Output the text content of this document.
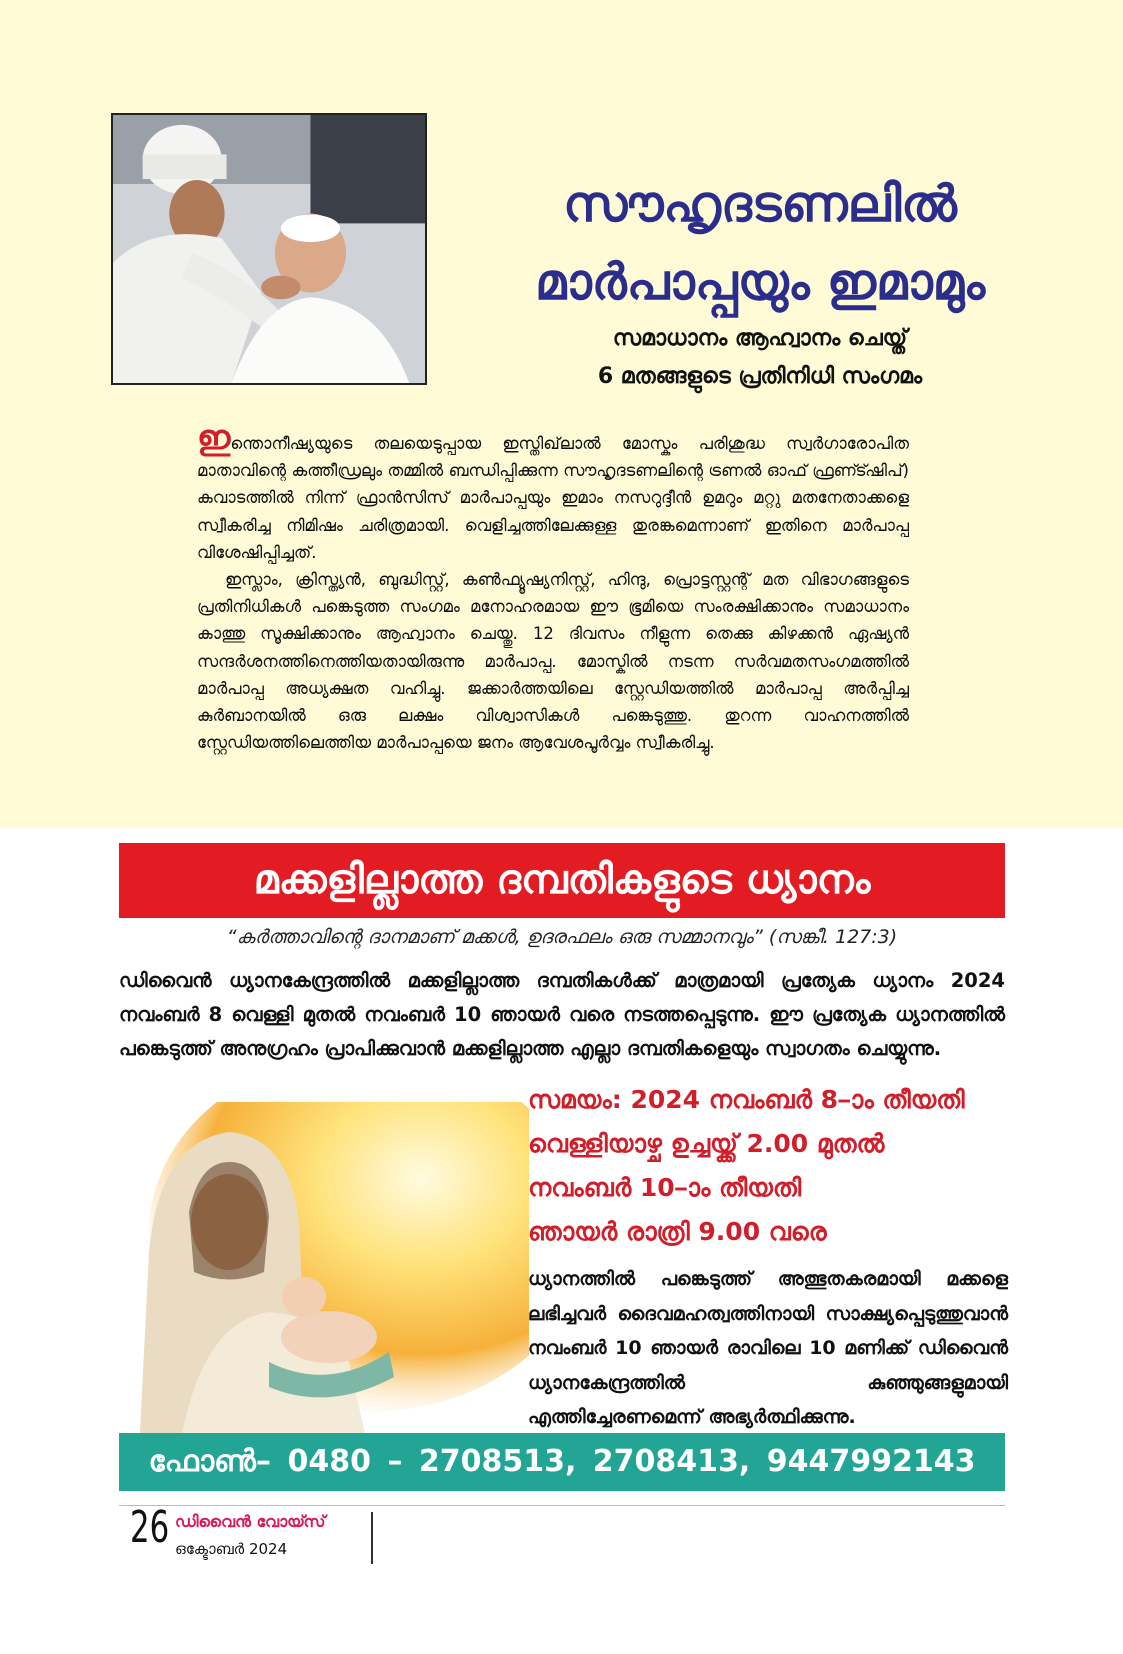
സൗഹൃദടണലിൽ
മാർപാപ്പയും ഇമാമും
സമാധാനം ആഹ്വാനം ചെയ്ത്
6 മതങ്ങളുടെ പ്രതിനിധി സംഗമം

ഇന്തൊനീഷ്യയുടെ തലയെടുപ്പായ ഇസ്തിഖ്‌ലാൽ മോസ്കും പരിശുദ്ധ സ്വർഗാരോപിത മാതാവിന്റെ കത്തീഡ്രലും തമ്മിൽ ബന്ധിപ്പിക്കുന്ന സൗഹൃദടണലിന്റെ ട്രണൽ ഓഫ് ഫ്രണ്ട്ഷിപ്) കവാടത്തിൽ നിന്ന് ഫ്രാൻസിസ് മാർപാപ്പയും ഇമാം നസറുദ്ദീൻ ഉമറും മറ്റു മതനേതാക്കളെ സ്വീകരിച്ച നിമിഷം ചരിത്രമായി. വെളിച്ചത്തിലേക്കുള്ള തുരങ്കമെന്നാണ് ഇതിനെ മാർപാപ്പ വിശേഷിപ്പിച്ചത്.

ഇസ്ലാം, ക്രിസ്ത്യൻ, ബുദ്ധിസ്റ്റ്, കൺഫ്യൂഷ്യനിസ്റ്റ്, ഹിന്ദു, പ്രൊട്ടസ്റ്റന്റ് മത വിഭാഗങ്ങളുടെ പ്രതിനിധികൾ പങ്കെടുത്ത സംഗമം മനോഹരമായ ഈ ഭൂമിയെ സംരക്ഷിക്കാനും സമാധാനം കാത്തു സൂക്ഷിക്കാനും ആഹ്വാനം ചെയ്തു. 12 ദിവസം നീളുന്ന തെക്കു കിഴക്കൻ ഏഷ്യൻ സന്ദർശനത്തിനെത്തിയതായിരുന്നു മാർപാപ്പ. മോസ്കിൽ നടന്ന സർവമതസംഗമത്തിൽ മാർപാപ്പ അധ്യക്ഷത വഹിച്ചു. ജക്കാർത്തയിലെ സ്റ്റേഡിയത്തിൽ മാർപാപ്പ അർപ്പിച്ച കുർബാനയിൽ ഒരു ലക്ഷം വിശ്വാസികൾ പങ്കെടുത്തു. തുറന്ന വാഹനത്തിൽ സ്റ്റേഡിയത്തിലെത്തിയ മാർപാപ്പയെ ജനം ആവേശപൂർവ്വം സ്വീകരിച്ചു.

മക്കളില്ലാത്ത ദമ്പതികളുടെ ധ്യാനം
“കർത്താവിന്റെ ദാനമാണ് മക്കൾ, ഉദരഫലം ഒരു സമ്മാനവും” (സങ്കീ. 127:3)
ഡിവൈൻ ധ്യാനകേന്ദ്രത്തിൽ മക്കളില്ലാത്ത ദമ്പതികൾക്ക് മാത്രമായി പ്രത്യേക ധ്യാനം 2024 നവംബർ 8 വെള്ളി മുതൽ നവംബർ 10 ഞായർ വരെ നടത്തപ്പെടുന്നു. ഈ പ്രത്യേക ധ്യാനത്തിൽ പങ്കെടുത്ത് അനുഗ്രഹം പ്രാപിക്കുവാൻ മക്കളില്ലാത്ത എല്ലാ ദമ്പതികളെയും സ്വാഗതം ചെയ്യുന്നു.
സമയം: 2024 നവംബർ 8–ാം തീയതി
വെള്ളിയാഴ്ച ഉച്ചയ്ക്ക് 2.00 മുതൽ
നവംബർ 10–ാം തീയതി
ഞായർ രാത്രി 9.00 വരെ
ധ്യാനത്തിൽ പങ്കെടുത്ത് അത്ഭുതകരമായി മക്കളെ ലഭിച്ചവർ ദൈവമഹത്വത്തിനായി സാക്ഷ്യപ്പെടുത്തുവാൻ നവംബർ 10 ഞായർ രാവിലെ 10 മണിക്ക് ഡിവൈൻ ധ്യാനകേന്ദ്രത്തിൽ കുഞ്ഞുങ്ങളുമായി എത്തിച്ചേരണമെന്ന് അഭ്യർത്ഥിക്കുന്നു.
ഫോൺ– 0480 – 2708513, 2708413, 9447992143
26 ഡിവൈൻ വോയ്സ്
ഒക്ടോബർ 2024
